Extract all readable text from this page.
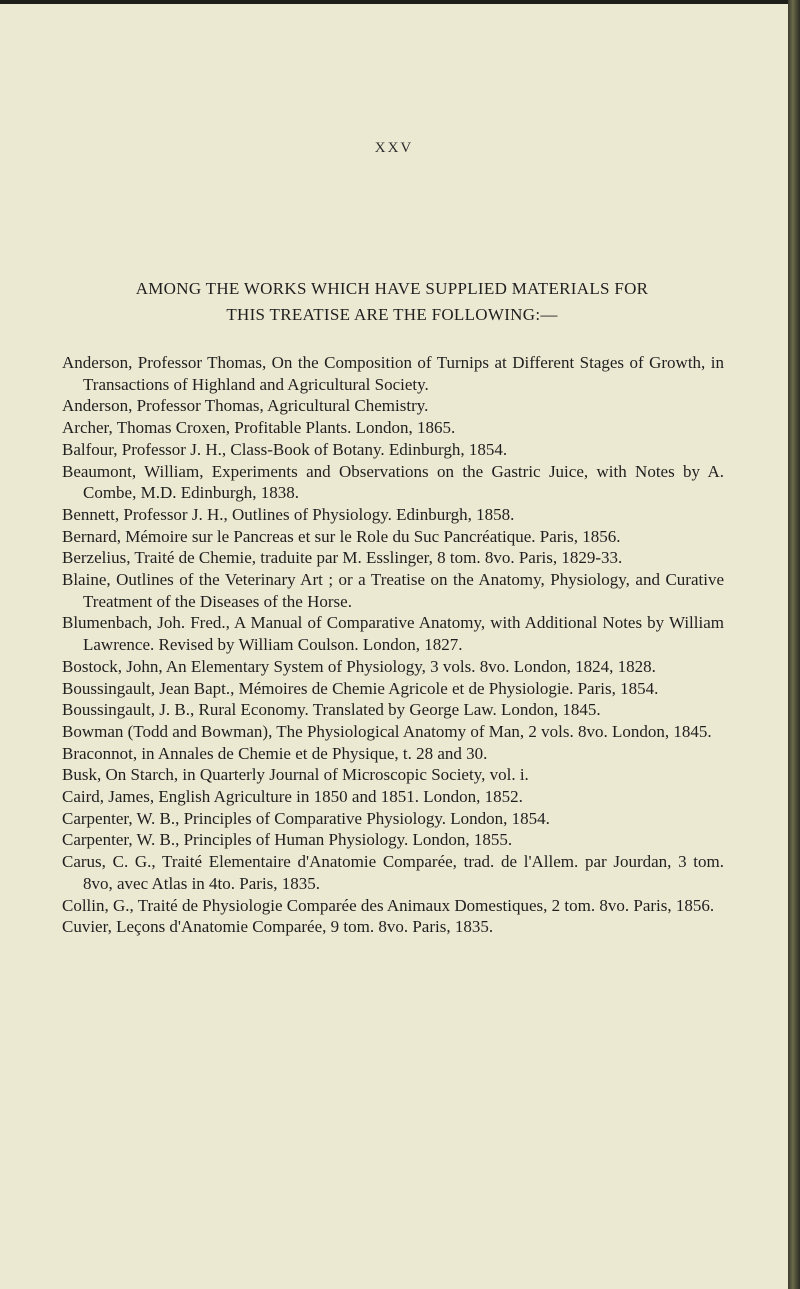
XXV
AMONG THE WORKS WHICH HAVE SUPPLIED MATERIALS FOR
THIS TREATISE ARE THE FOLLOWING:—
Anderson, Professor Thomas, On the Composition of Turnips at Different Stages of Growth, in Transactions of Highland and Agricultural Society.
Anderson, Professor Thomas, Agricultural Chemistry.
Archer, Thomas Croxen, Profitable Plants. London, 1865.
Balfour, Professor J. H., Class-Book of Botany. Edinburgh, 1854.
Beaumont, William, Experiments and Observations on the Gastric Juice, with Notes by A. Combe, M.D. Edinburgh, 1838.
Bennett, Professor J. H., Outlines of Physiology. Edinburgh, 1858.
Bernard, Mémoire sur le Pancreas et sur le Role du Suc Pancréatique. Paris, 1856.
Berzelius, Traité de Chemie, traduite par M. Esslinger, 8 tom. 8vo. Paris, 1829-33.
Blaine, Outlines of the Veterinary Art ; or a Treatise on the Anatomy, Physiology, and Curative Treatment of the Diseases of the Horse.
Blumenbach, Joh. Fred., A Manual of Comparative Anatomy, with Additional Notes by William Lawrence. Revised by William Coulson. London, 1827.
Bostock, John, An Elementary System of Physiology, 3 vols. 8vo. London, 1824, 1828.
Boussingault, Jean Bapt., Mémoires de Chemie Agricole et de Physiologie. Paris, 1854.
Boussingault, J. B., Rural Economy. Translated by George Law. London, 1845.
Bowman (Todd and Bowman), The Physiological Anatomy of Man, 2 vols. 8vo. London, 1845.
Braconnot, in Annales de Chemie et de Physique, t. 28 and 30.
Busk, On Starch, in Quarterly Journal of Microscopic Society, vol. i.
Caird, James, English Agriculture in 1850 and 1851. London, 1852.
Carpenter, W. B., Principles of Comparative Physiology. London, 1854.
Carpenter, W. B., Principles of Human Physiology. London, 1855.
Carus, C. G., Traité Elementaire d'Anatomie Comparée, trad. de l'Allem. par Jourdan, 3 tom. 8vo, avec Atlas in 4to. Paris, 1835.
Collin, G., Traité de Physiologie Comparée des Animaux Domestiques, 2 tom. 8vo. Paris, 1856.
Cuvier, Leçons d'Anatomie Comparée, 9 tom. 8vo. Paris, 1835.
